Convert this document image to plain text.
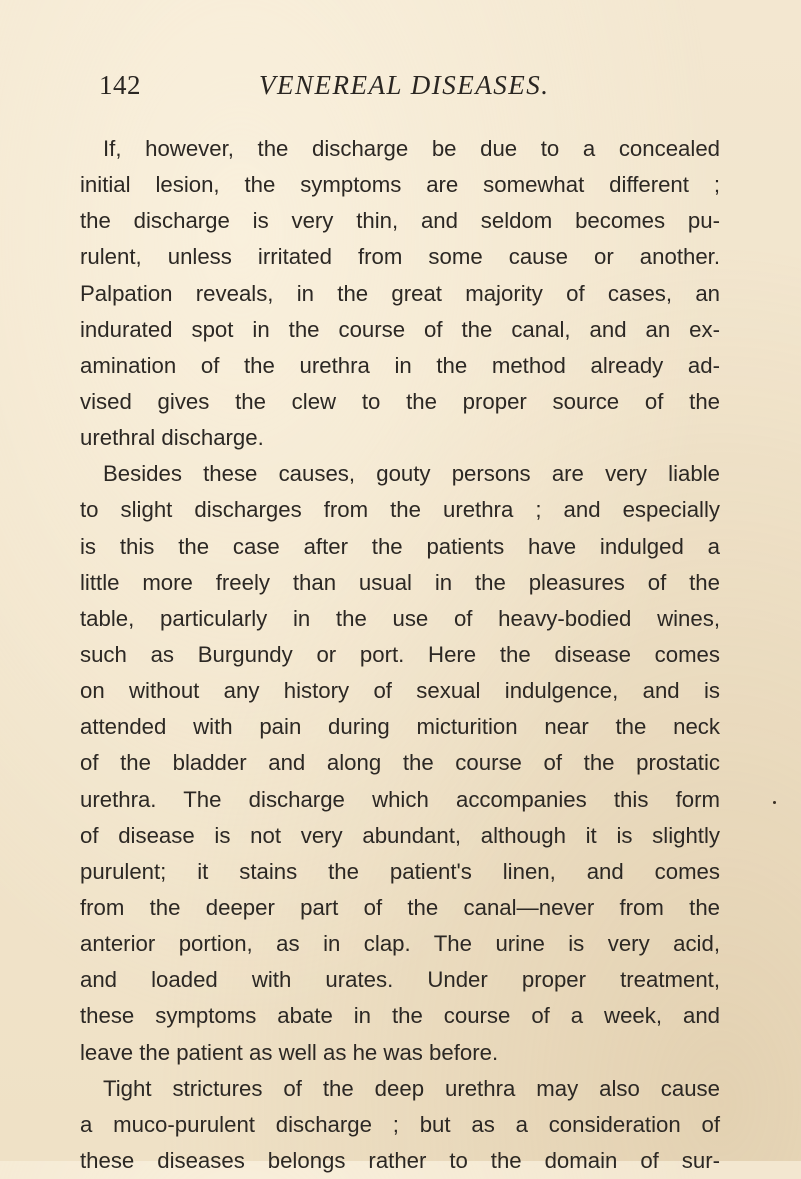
142	VENEREAL DISEASES.
If, however, the discharge be due to a concealed
initial lesion, the symptoms are somewhat different ;
the discharge is very thin, and seldom becomes pu-
rulent, unless irritated from some cause or another.
Palpation reveals, in the great majority of cases, an
indurated spot in the course of the canal, and an ex-
amination of the urethra in the method already ad-
vised gives the clew to the proper source of the
urethral discharge.
Besides these causes, gouty persons are very liable
to slight discharges from the urethra ; and especially
is this the case after the patients have indulged a
little more freely than usual in the pleasures of the
table, particularly in the use of heavy-bodied wines,
such as Burgundy or port. Here the disease comes
on without any history of sexual indulgence, and is
attended with pain during micturition near the neck
of the bladder and along the course of the prostatic
urethra. The discharge which accompanies this form
of disease is not very abundant, although it is slightly
purulent; it stains the patient's linen, and comes
from the deeper part of the canal—never from the
anterior portion, as in clap. The urine is very acid,
and loaded with urates. Under proper treatment,
these symptoms abate in the course of a week, and
leave the patient as well as he was before.
Tight strictures of the deep urethra may also cause
a muco-purulent discharge ; but as a consideration of
these diseases belongs rather to the domain of sur-
